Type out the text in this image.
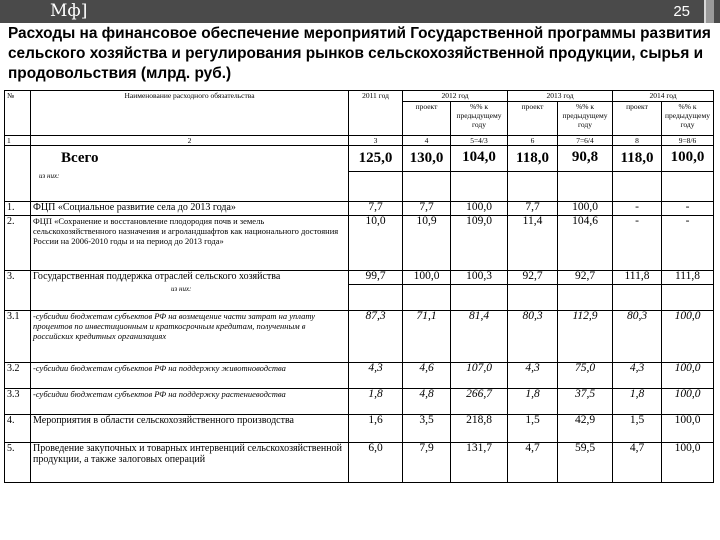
Мф]	25
Расходы на финансовое обеспечение мероприятий Государственной программы развития сельского хозяйства и регулирования рынков сельскохозяйственной продукции, сырья и продовольствия (млрд. руб.)
№	Наименование расходного обязательства	2011 год	2012 год		2013 год		2014 год	
			проект	%% к предыдущему году	проект	%% к предыдущему году	проект	%% к предыдущему году
1	2	3	4	5=4/3	6	7=6/4	8	9=8/6
	Всего	125,0	130,0	104,0	118,0	90,8	118,0	100,0
	из них:							
1.	ФЦП «Социальное развитие села до 2013 года»	7,7	7,7	100,0	7,7	100,0	-	-
2.	ФЦП «Сохранение и восстановление плодородия почв и земель сельскохозяйственного назначения и агроландшафтов как национального достояния России на 2006-2010 годы и на период до 2013 года»	10,0	10,9	109,0	11,4	104,6	-	-
3.	Государственная поддержка отраслей сельского хозяйства	99,7	100,0	100,3	92,7	92,7	111,8	111,8
	из них:							
3.1	-субсидии бюджетам субъектов РФ на возмещение части затрат на уплату процентов по инвестиционным и краткосрочным кредитам, полученным в российских кредитных организациях	87,3	71,1	81,4	80,3	112,9	80,3	100,0
3.2	-субсидии бюджетам субъектов РФ на поддержку животноводства	4,3	4,6	107,0	4,3	75,0	4,3	100,0
3.3	-субсидии бюджетам субъектов РФ на поддержку растениеводства	1,8	4,8	266,7	1,8	37,5	1,8	100,0
4.	Мероприятия в области сельскохозяйственного производства	1,6	3,5	218,8	1,5	42,9	1,5	100,0
5.	Проведение закупочных и товарных интервенций сельскохозяйственной продукции, а также залоговых операций	6,0	7,9	131,7	4,7	59,5	4,7	100,0
